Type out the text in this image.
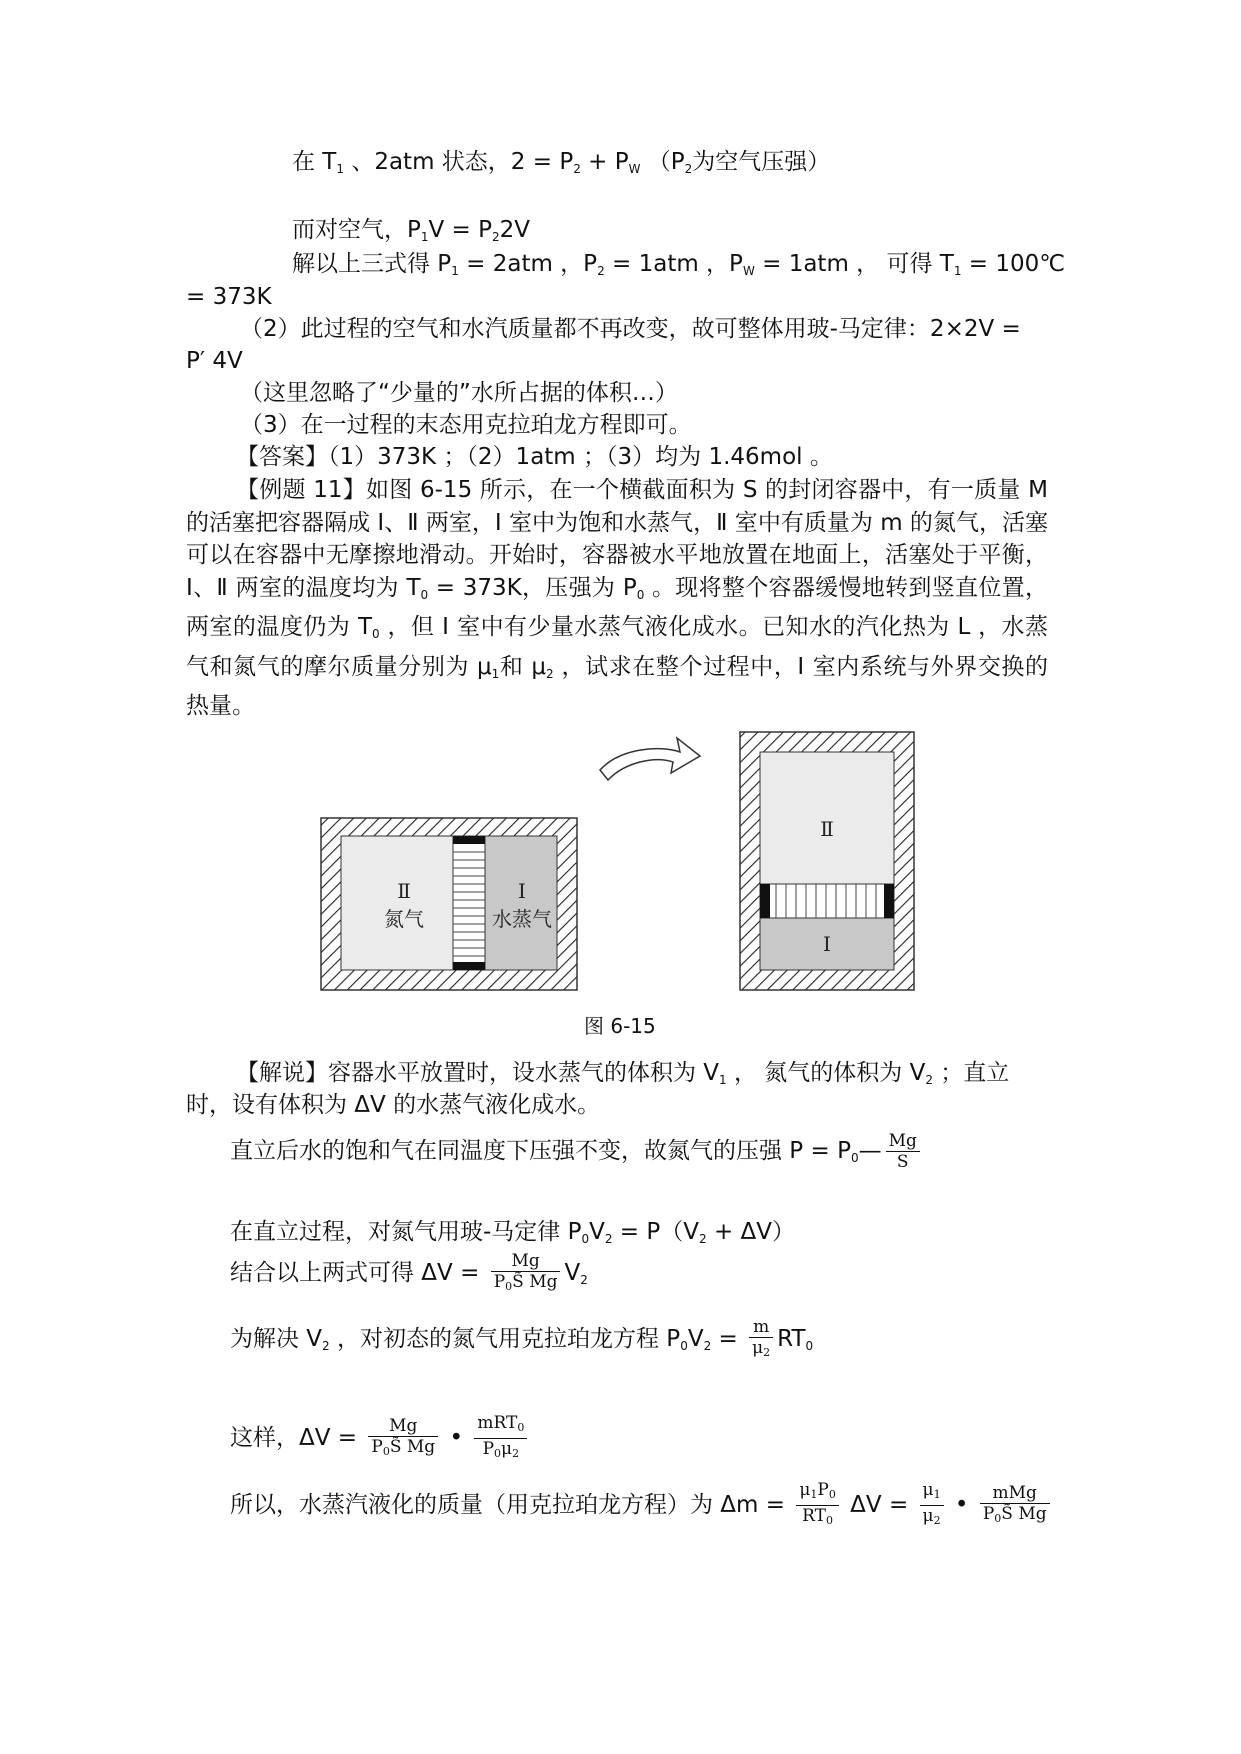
在 $T_1$ 、2atm 状态，$2 = P_2 + P_W$ （$P_2$为空气压强）
而对空气，$P_1V = P_22V$
解以上三式得 $P_1 = 2atm$ ，$P_2 = 1atm$ ，$P_W = 1atm$ ， 可得 $T_1$ = 100℃
= 373K
（2）此过程的空气和水汽质量都不再改变，故可整体用玻-马定律：2×2V =
P′ 4V
（这里忽略了“少量的”水所占据的体积…）
（3）在一过程的末态用克拉珀龙方程即可。
【答案】（1）373K ；（2）1atm ；（3）均为 1.46mol 。
【例题 11】如图 6-15 所示，在一个横截面积为 S 的封闭容器中，有一质量 M 的活塞把容器隔成 Ⅰ、Ⅱ 两室，Ⅰ 室中为饱和水蒸气，Ⅱ 室中有质量为 m 的氮气，活塞可以在容器中无摩擦地滑动。开始时，容器被水平地放置在地面上，活塞处于平衡，Ⅰ、Ⅱ 两室的温度均为 $T_0 = 373K$，压强为 $P_0$ 。现将整个容器缓慢地转到竖直位置，两室的温度仍为 $T_0$ ，但 Ⅰ 室中有少量水蒸气液化成水。已知水的汽化热为 L ，水蒸气和氮气的摩尔质量分别为 $\mu_1$和 $\mu_2$ ，试求在整个过程中，Ⅰ 室内系统与外界交换的热量。
Ⅱ
氮气
Ⅰ
水蒸气
Ⅱ
Ⅰ
图 6-15
【解说】容器水平放置时，设水蒸气的体积为 $V_1$ ， 氮气的体积为 $V_2$ ；直立
时，设有体积为 ΔV 的水蒸气液化成水。
直立后水的饱和气在同温度下压强不变，故氮气的压强 $P = P_0— \frac{Mg}{S}$
在直立过程，对氮气用玻-马定律 $P_0V_2 = P(V_2 + \Delta V)$
结合以上两式可得 $\Delta V = \frac{Mg}{P_0S̃ Mg} V_2$
为解决 $V_2$ ，对初态的氮气用克拉珀龙方程 $P_0V_2 = \frac{m}{\mu_2} RT_0$
这样，$\Delta V = \frac{Mg}{P_0S̃ Mg}$ • $\frac{mRT_0}{P_0\mu_2}$
所以，水蒸汽液化的质量（用克拉珀龙方程）为 $\Delta m = \frac{\mu_1P_0}{RT_0}$ $\Delta V = \frac{\mu_1}{\mu_2}$ • $\frac{\text{mMg}}{P_0S̃ Mg}$
